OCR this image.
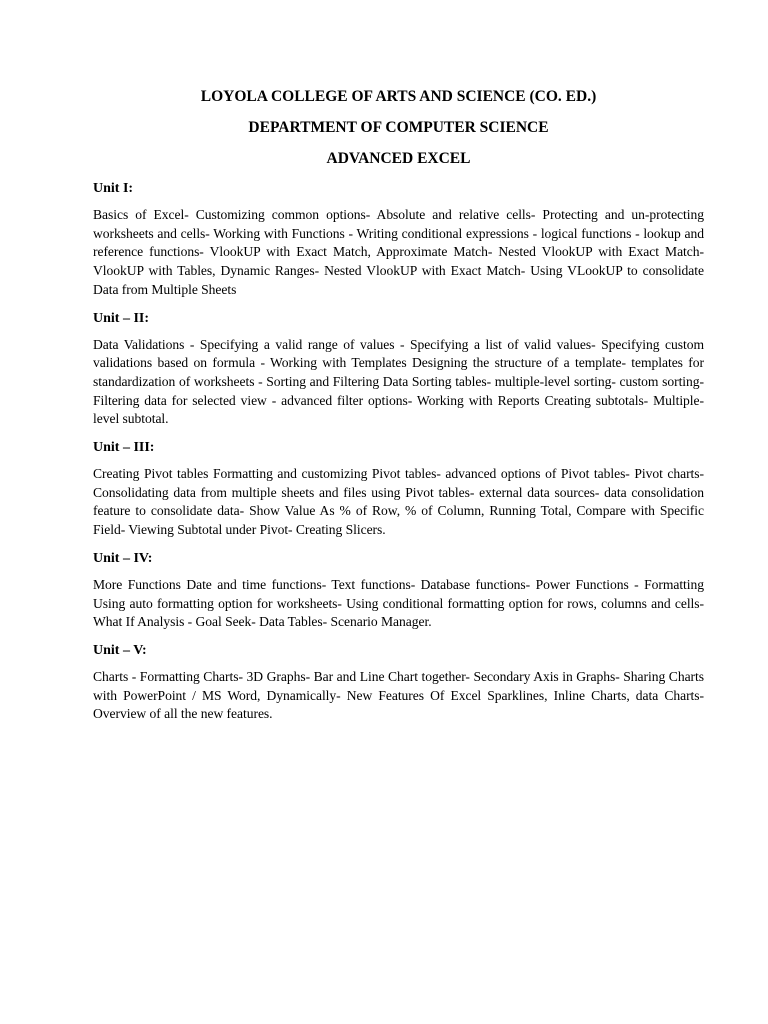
LOYOLA COLLEGE OF ARTS AND SCIENCE (CO. ED.)

DEPARTMENT OF COMPUTER SCIENCE

ADVANCED EXCEL

Unit I:

Basics of Excel- Customizing common options- Absolute and relative cells- Protecting and un-protecting worksheets and cells- Working with Functions - Writing conditional expressions - logical functions - lookup and reference functions- VlookUP with Exact Match, Approximate Match- Nested VlookUP with Exact Match- VlookUP with Tables, Dynamic Ranges- Nested VlookUP with Exact Match- Using VLookUP to consolidate Data from Multiple Sheets

Unit – II:

Data Validations - Specifying a valid range of values - Specifying a list of valid values- Specifying custom validations based on formula - Working with Templates Designing the structure of a template- templates for standardization of worksheets - Sorting and Filtering Data Sorting tables- multiple-level sorting- custom sorting- Filtering data for selected view - advanced filter options- Working with Reports Creating subtotals- Multiple-level subtotal.

Unit – III:

Creating Pivot tables Formatting and customizing Pivot tables- advanced options of Pivot tables- Pivot charts- Consolidating data from multiple sheets and files using Pivot tables- external data sources- data consolidation feature to consolidate data- Show Value As % of Row, % of Column, Running Total, Compare with Specific Field- Viewing Subtotal under Pivot- Creating Slicers.

Unit – IV:

More Functions Date and time functions- Text functions- Database functions- Power Functions - Formatting Using auto formatting option for worksheets- Using conditional formatting option for rows, columns and cells- What If Analysis - Goal Seek- Data Tables- Scenario Manager.

Unit – V:

Charts - Formatting Charts- 3D Graphs- Bar and Line Chart together- Secondary Axis in Graphs- Sharing Charts with PowerPoint / MS Word, Dynamically- New Features Of Excel Sparklines, Inline Charts, data Charts- Overview of all the new features.
